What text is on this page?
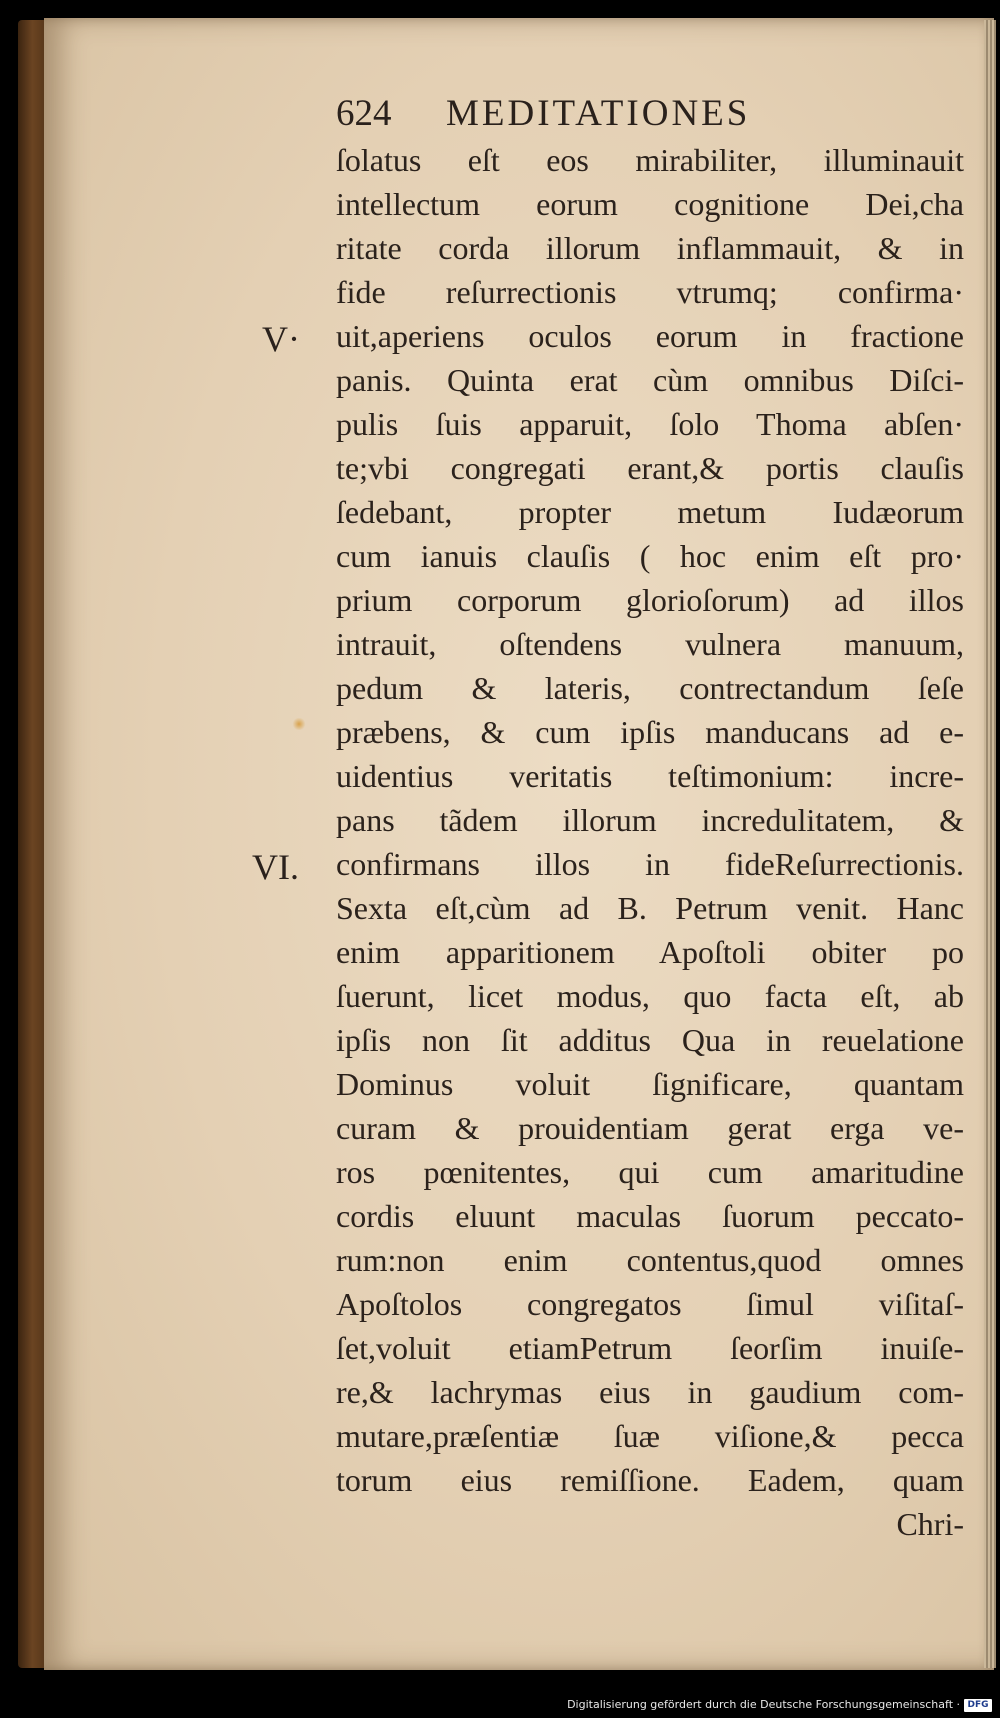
624 MEDITATIONES
V·
VI.
ſolatus eſt eos mirabiliter, illuminauit
intellectum eorum cognitione Dei,cha
ritate corda illorum inflammauit, & in
fide reſurrectionis vtrumq; confirma·
uit,aperiens oculos eorum in fractione
panis. Quinta erat cùm omnibus Diſci-
pulis ſuis apparuit, ſolo Thoma abſen·
te;vbi congregati erant,& portis clauſis
ſedebant, propter metum Iudæorum
cum ianuis clauſis ( hoc enim eſt pro·
prium corporum glorioſorum) ad illos
intrauit, oſtendens vulnera manuum,
pedum & lateris, contrectandum ſeſe
præbens, & cum ipſis manducans ad e-
uidentius veritatis teſtimonium: incre-
pans tãdem illorum incredulitatem, &
confirmans illos in fideReſurrectionis.
Sexta eſt,cùm ad B. Petrum venit. Hanc
enim apparitionem Apoſtoli obiter po
ſuerunt, licet modus, quo facta eſt, ab
ipſis non ſit additus Qua in reuelatione
Dominus voluit ſignificare, quantam
curam & prouidentiam gerat erga ve-
ros pœnitentes, qui cum amaritudine
cordis eluunt maculas ſuorum peccato-
rum:non enim contentus,quod omnes
Apoſtolos congregatos ſimul viſitaſ-
ſet,voluit etiamPetrum ſeorſim inuiſe-
re,& lachrymas eius in gaudium com-
mutare,præſentiæ ſuæ viſione,& pecca
torum eius remiſſione. Eadem, quam
Chri-
Digitalisierung gefördert durch die Deutsche Forschungsgemeinschaft · DFG
